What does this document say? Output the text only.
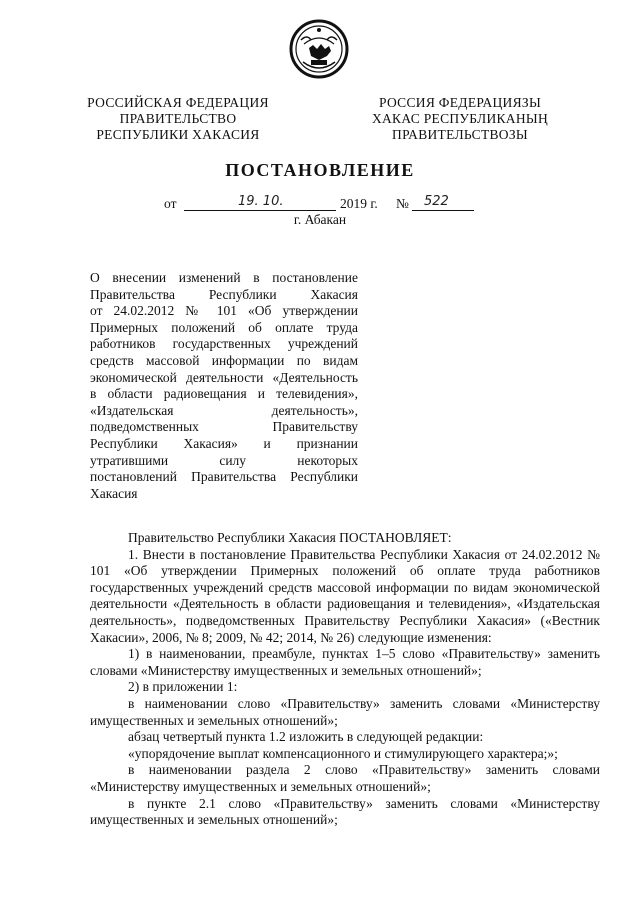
РОССИЙСКАЯ ФЕДЕРАЦИЯ
ПРАВИТЕЛЬСТВО
РЕСПУБЛИКИ ХАКАСИЯ
РОССИЯ ФЕДЕРАЦИЯЗЫ
ХАКАС РЕСПУБЛИКАНЫҢ
ПРАВИТЕЛЬСТВОЗЫ
ПОСТАНОВЛЕНИЕ
от	19. 10.	2019 г. № 522
г. Абакан
О внесении изменений в постановление
Правительства Республики Хакасия
от 24.02.2012 № 101 «Об утверждении
Примерных положений об оплате труда
работников государственных учреждений
средств массовой информации по видам
экономической деятельности «Деятельность
в области радиовещания и телевидения»,
«Издательская деятельность»,
подведомственных Правительству
Республики Хакасия» и признании
утратившими силу некоторых
постановлений Правительства Республики
Хакасия

Правительство Республики Хакасия ПОСТАНОВЛЯЕТ:

1. Внести в постановление Правительства Республики Хакасия от 24.02.2012 № 101 «Об утверждении Примерных положений об оплате труда работников государственных учреждений средств массовой информации по видам экономической деятельности «Деятельность в области радиовещания и телевидения», «Издательская деятельность», подведомственных Правительству Республики Хакасия» («Вестник Хакасии», 2006, № 8; 2009, № 42; 2014, № 26) следующие изменения:

1) в наименовании, преамбуле, пунктах 1–5 слово «Правительству» заменить словами «Министерству имущественных и земельных отношений»;

2) в приложении 1:

в наименовании слово «Правительству» заменить словами «Министерству имущественных и земельных отношений»;

абзац четвертый пункта 1.2 изложить в следующей редакции:

«упорядочение выплат компенсационного и стимулирующего характера;»;

в наименовании раздела 2 слово «Правительству» заменить словами «Министерству имущественных и земельных отношений»;

в пункте 2.1 слово «Правительству» заменить словами «Министерству имущественных и земельных отношений»;
